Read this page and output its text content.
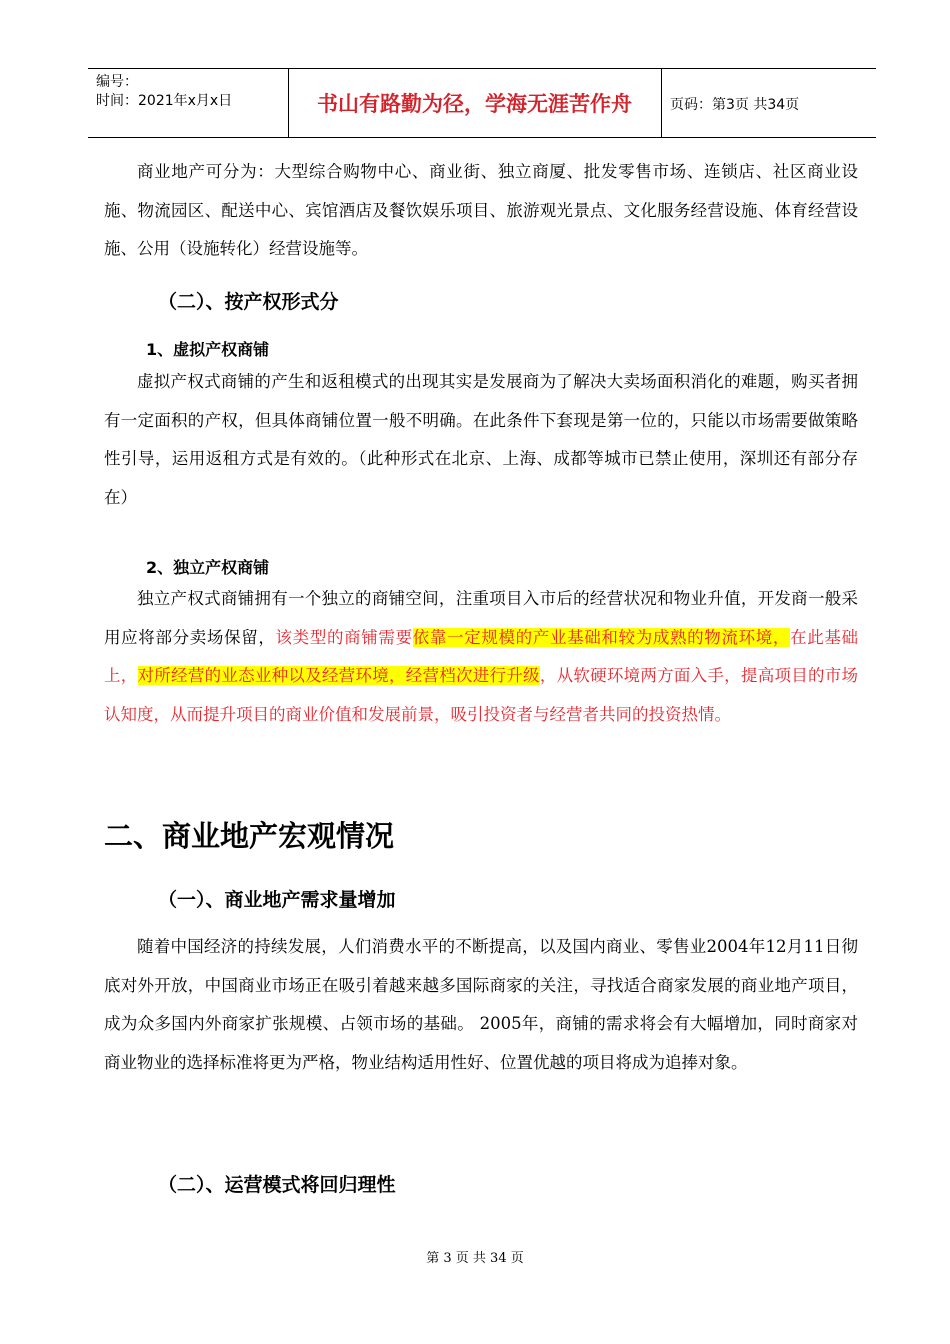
编号：
时间：2021年x月x日	书山有路勤为径，学海无涯苦作舟	页码：第3页 共34页

商业地产可分为：大型综合购物中心、商业街、独立商厦、批发零售市场、连锁店、社区商业设施、物流园区、配送中心、宾馆酒店及餐饮娱乐项目、旅游观光景点、文化服务经营设施、体育经营设施、公用（设施转化）经营设施等。

（二）、按产权形式分
1、虚拟产权商铺

虚拟产权式商铺的产生和返租模式的出现其实是发展商为了解决大卖场面积消化的难题，购买者拥有一定面积的产权，但具体商铺位置一般不明确。在此条件下套现是第一位的，只能以市场需要做策略性引导，运用返租方式是有效的。（此种形式在北京、上海、成都等城市已禁止使用，深圳还有部分存在）

2、独立产权商铺

独立产权式商铺拥有一个独立的商铺空间，注重项目入市后的经营状况和物业升值，开发商一般采用应将部分卖场保留，该类型的商铺需要依靠一定规模的产业基础和较为成熟的物流环境，在此基础上，对所经营的业态业种以及经营环境，经营档次进行升级，从软硬环境两方面入手，提高项目的市场认知度，从而提升项目的商业价值和发展前景，吸引投资者与经营者共同的投资热情。

二、商业地产宏观情况
（一）、商业地产需求量增加

随着中国经济的持续发展，人们消费水平的不断提高，以及国内商业、零售业2004年12月11日彻底对外开放，中国商业市场正在吸引着越来越多国际商家的关注，寻找适合商家发展的商业地产项目，成为众多国内外商家扩张规模、占领市场的基础。 2005年，商铺的需求将会有大幅增加，同时商家对商业物业的选择标准将更为严格，物业结构适用性好、位置优越的项目将成为追捧对象。

（二）、运营模式将回归理性
第 3 页 共 34 页
